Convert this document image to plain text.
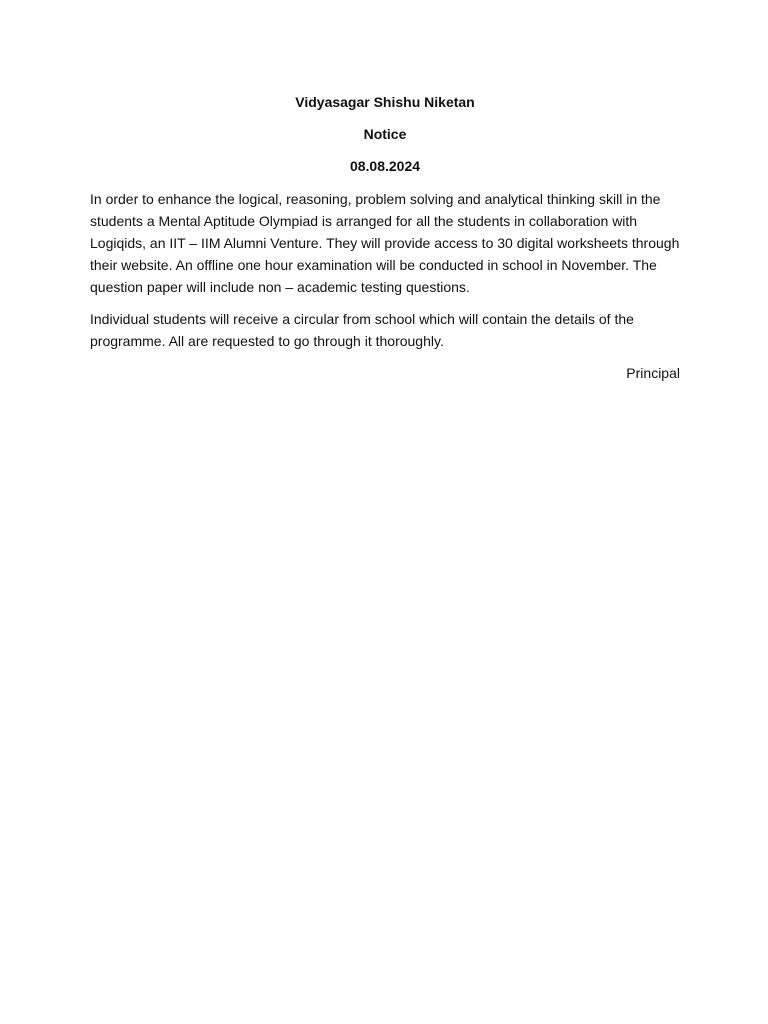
Vidyasagar Shishu Niketan

Notice

08.08.2024

In order to enhance the logical, reasoning, problem solving and analytical thinking skill in the students a Mental Aptitude Olympiad is arranged for all the students in collaboration with Logiqids, an IIT – IIM Alumni Venture. They will provide access to 30 digital worksheets through their website. An offline one hour examination will be conducted in school in November. The question paper will include non – academic testing questions.

Individual students will receive a circular from school which will contain the details of the programme. All are requested to go through it thoroughly.

Principal
